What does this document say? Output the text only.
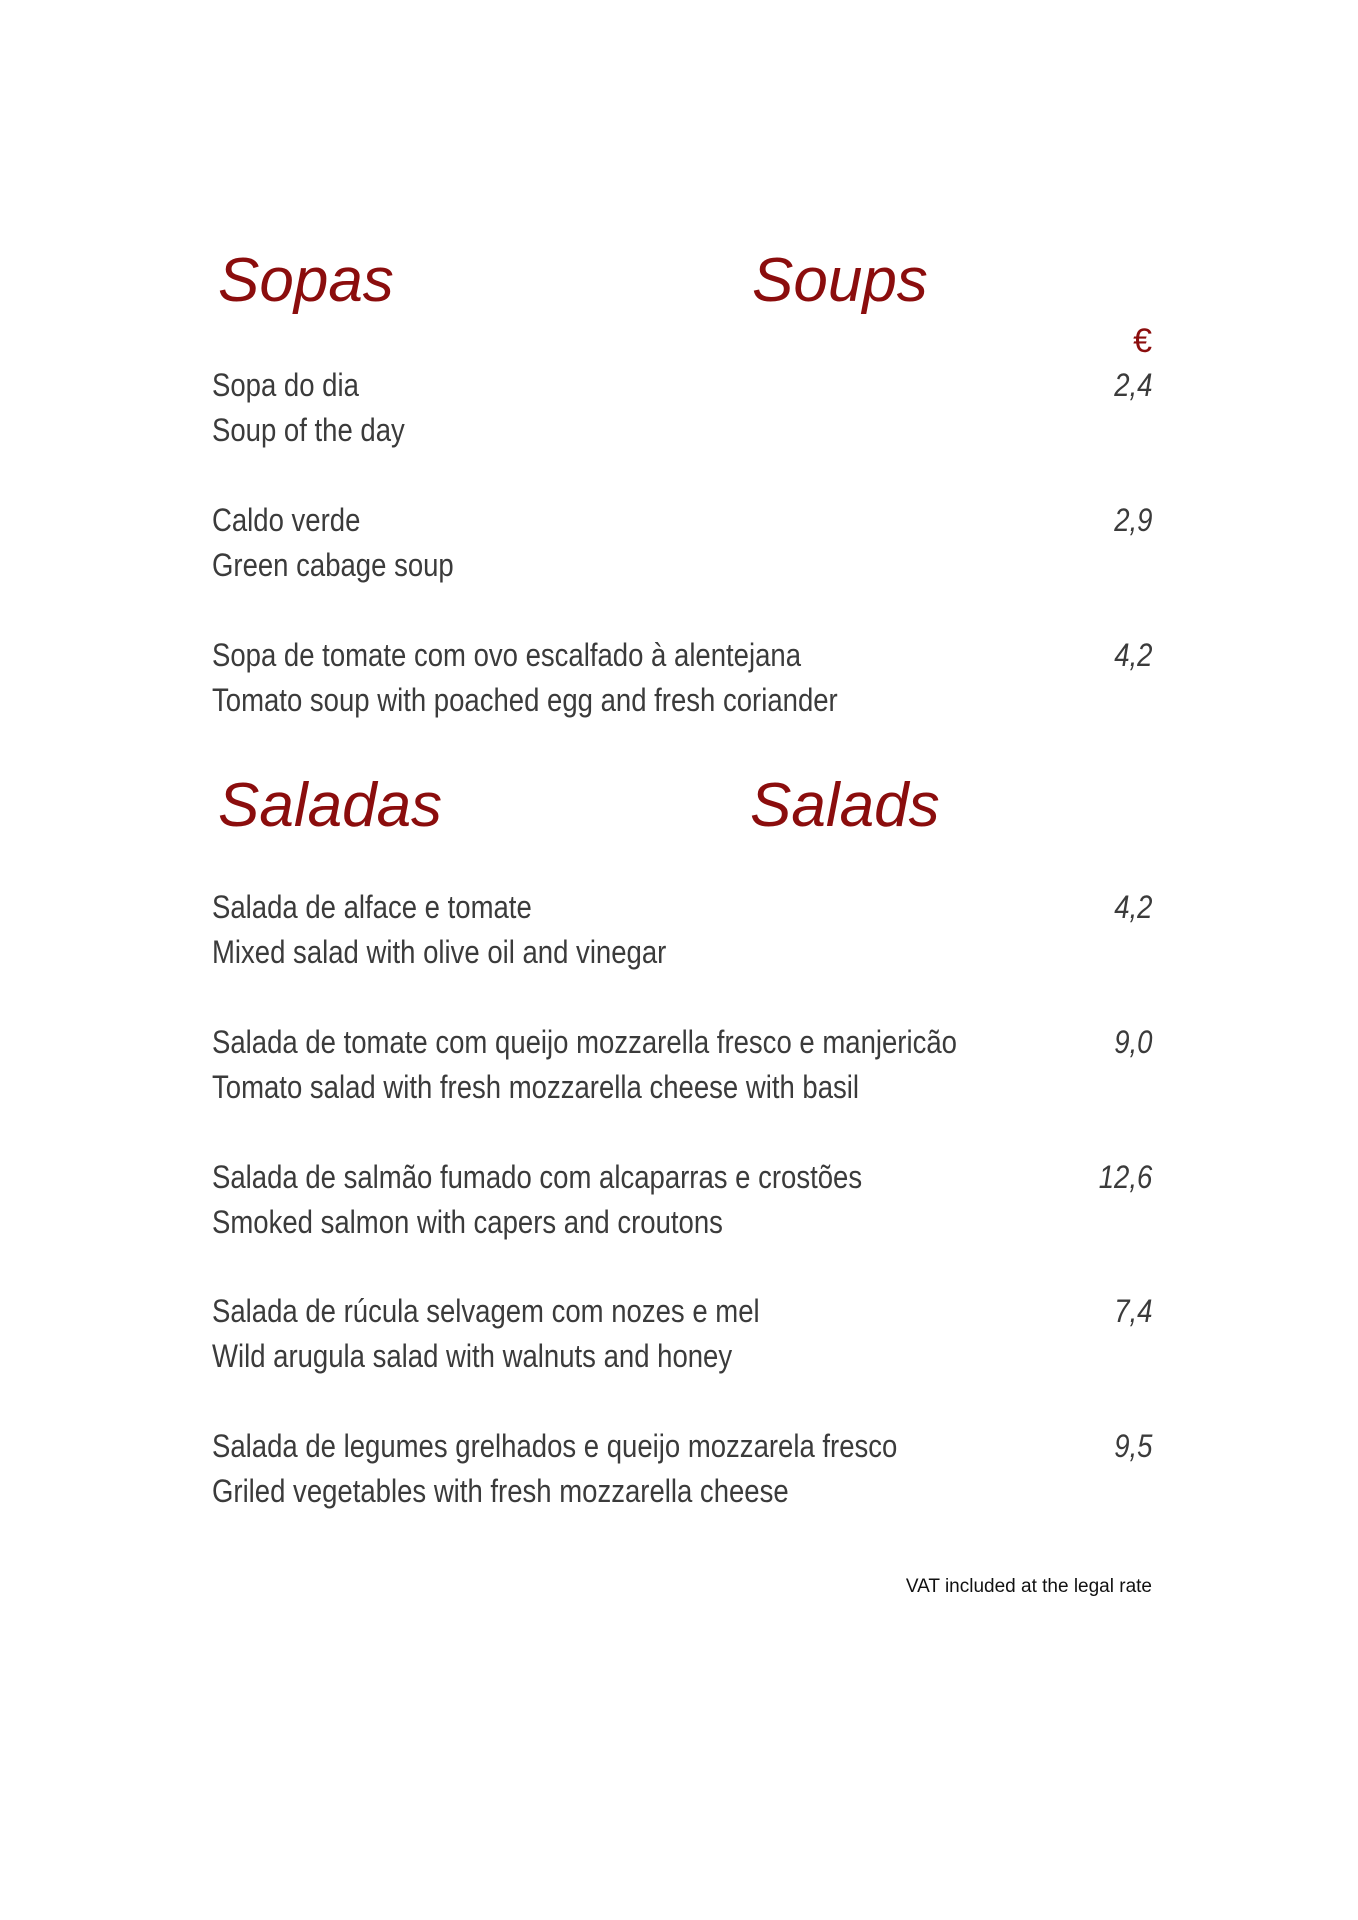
Sopas	Soups
€
Sopa do dia	2,4
Soup of the day
Caldo verde	2,9
Green cabage soup
Sopa de tomate com ovo escalfado à alentejana	4,2
Tomato soup with poached egg and fresh coriander
Saladas	Salads
Salada de alface e tomate	4,2
Mixed salad with olive oil and vinegar
Salada de tomate com queijo mozzarella fresco e manjericão	9,0
Tomato salad with fresh mozzarella cheese with basil
Salada de salmão fumado com alcaparras e crostões	12,6
Smoked salmon with capers and croutons
Salada de rúcula selvagem com nozes e mel	7,4
Wild arugula salad with walnuts and honey
Salada de legumes grelhados e queijo mozzarela fresco	9,5
Griled vegetables with fresh mozzarella cheese
VAT included at the legal rate
